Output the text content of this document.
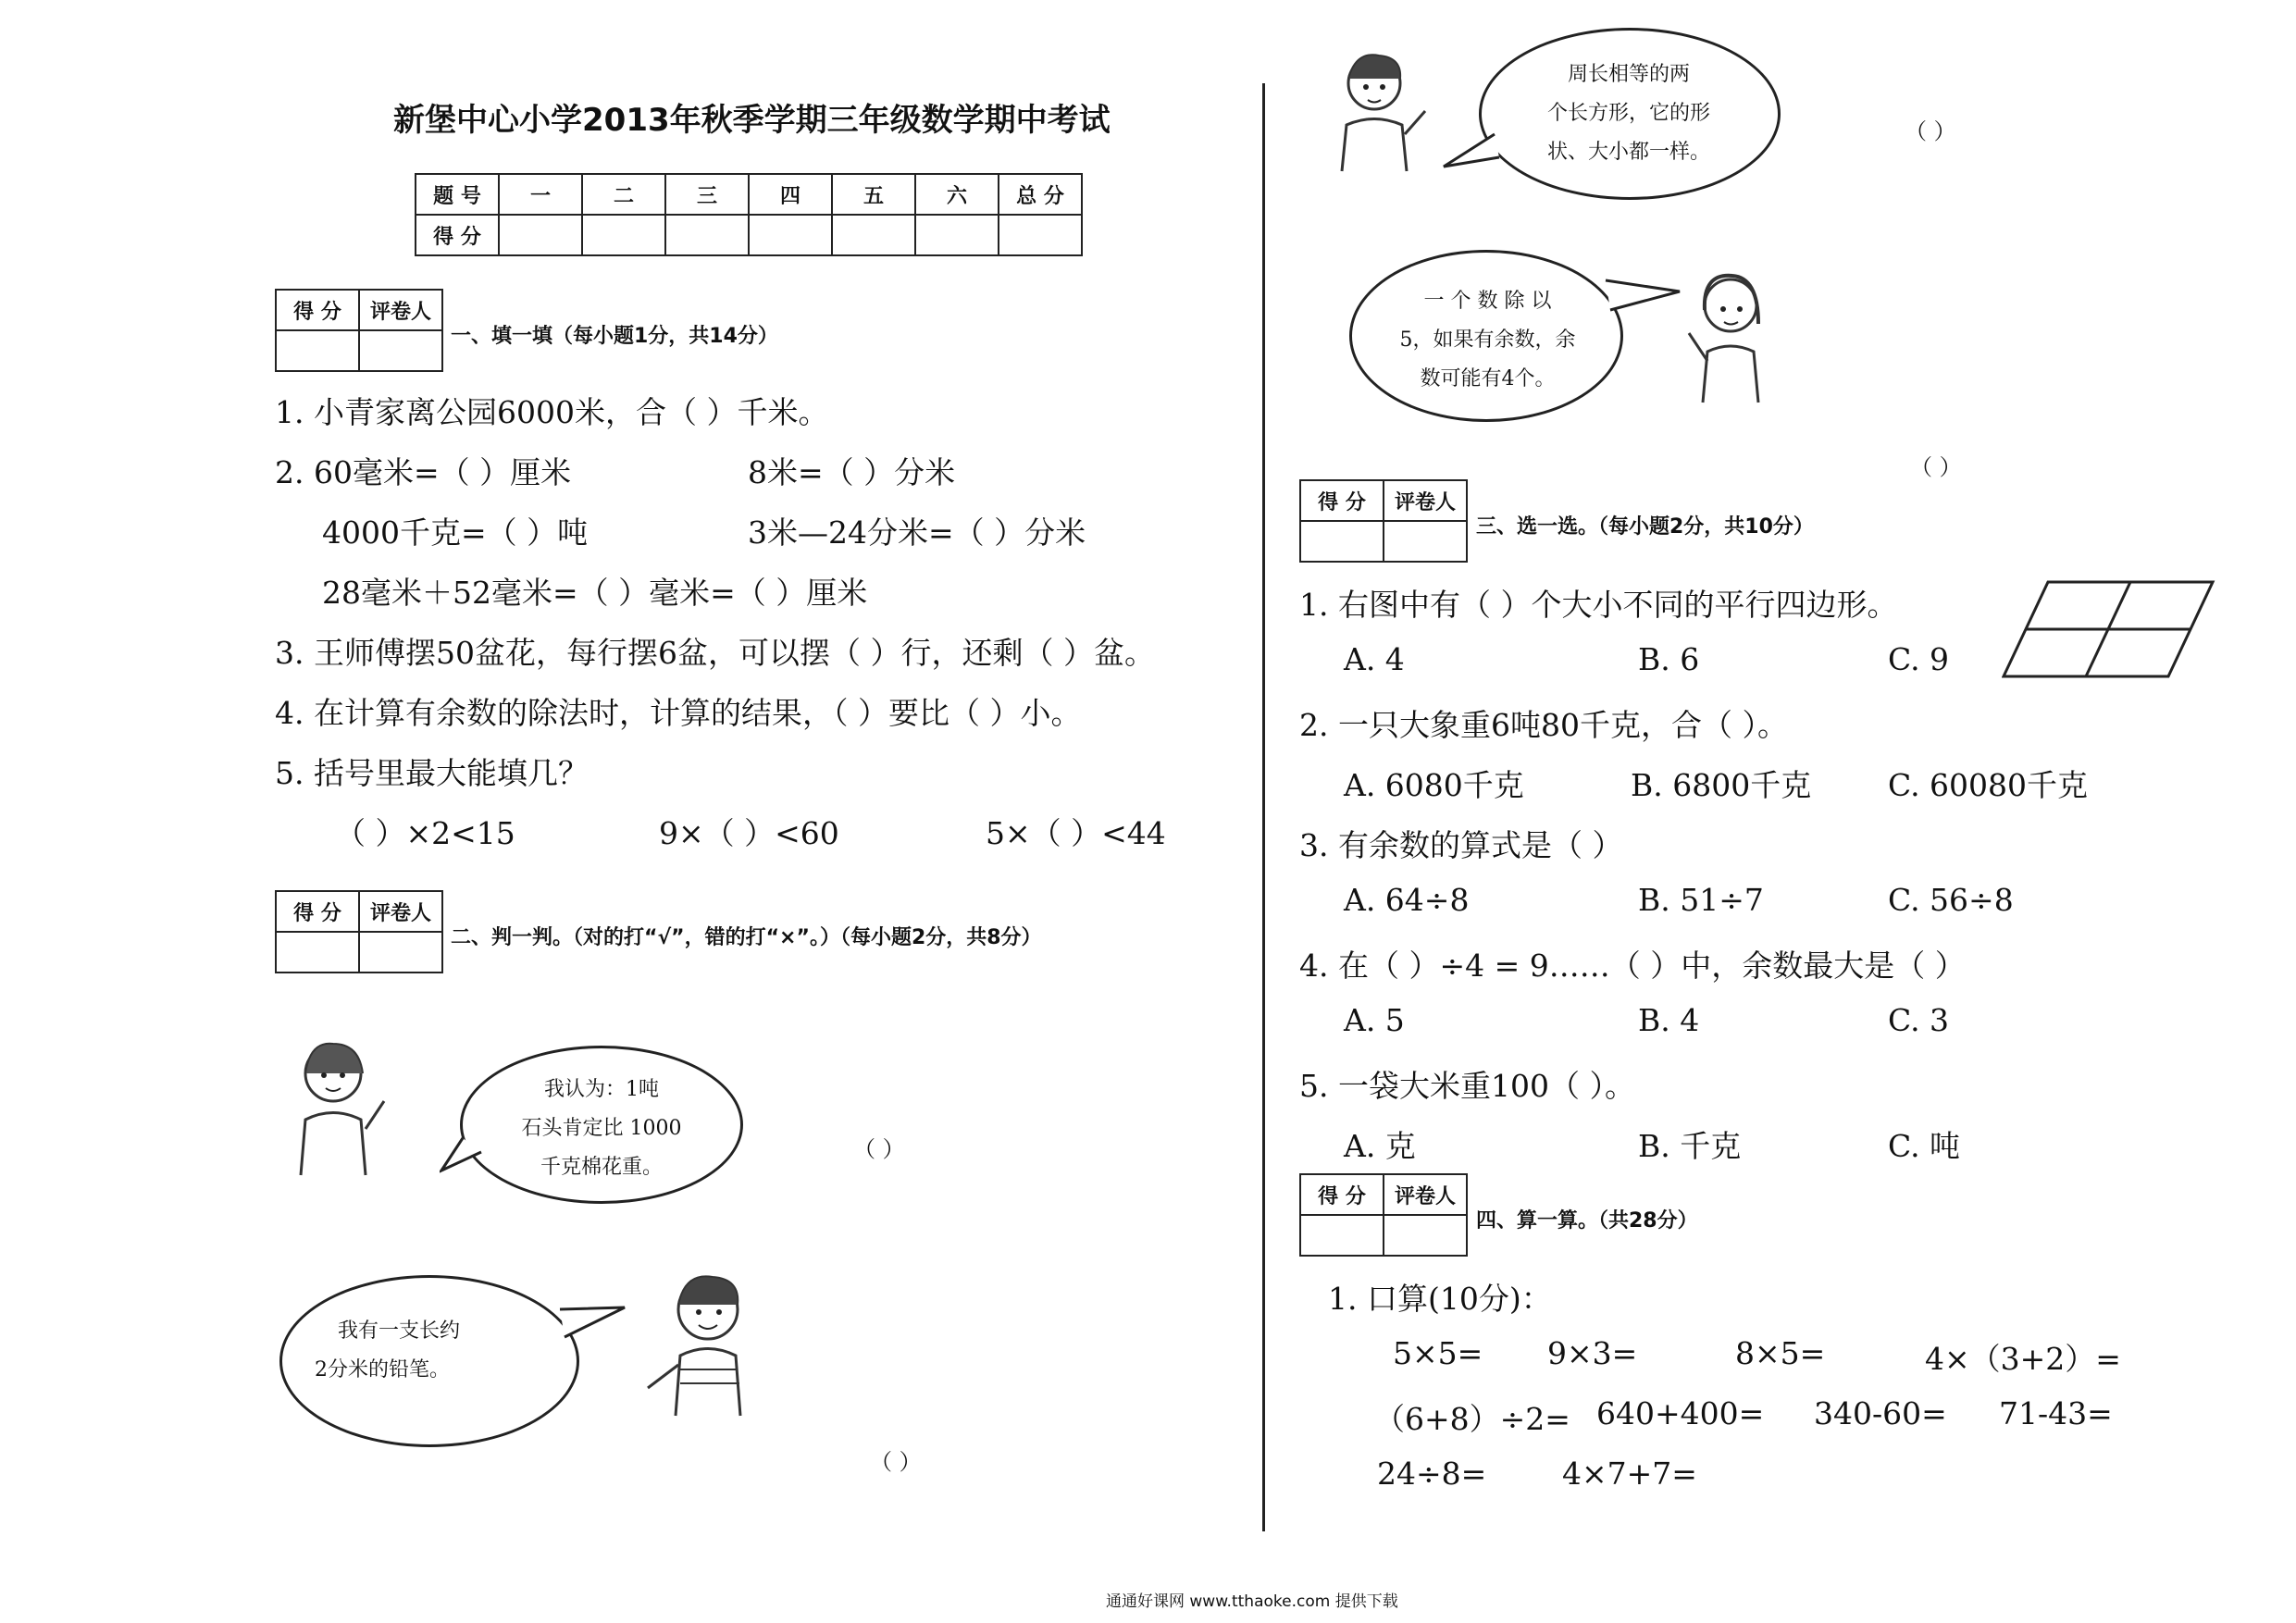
新堡中心小学2013年秋季学期三年级数学期中考试
题 号	一	二	三	四	五	六	总 分
得 分							
得 分	评卷人

一、填一填（每小题1分，共14分）
1. 小青家离公园6000米，合（ ）千米。
2. 60毫米=（ ）厘米	8米=（ ）分米
4000千克=（ ）吨	3米—24分米=（ ）分米
28毫米＋52毫米=（ ）毫米=（ ）厘米
3. 王师傅摆50盆花，每行摆6盆，可以摆（ ）行，还剩（ ）盆。
4. 在计算有余数的除法时，计算的结果，（ ）要比（ ）小。
5. 括号里最大能填几？
（ ）×2<15	9×（ ）<60	5×（ ）<44
得 分	评卷人

二、判一判。（对的打“√”，错的打“×”。）（每小题2分，共8分）
我认为：1吨
石头肯定比 1000
千克棉花重。
（ ）
我有一支长约
2分米的铅笔。
（ ）
周长相等的两
个长方形，它的形
状、大小都一样。
（ ）
一 个 数 除 以
5，如果有余数，余
数可能有4个。
（ ）
得 分	评卷人

三、选一选。（每小题2分，共10分）
1. 右图中有（ ）个大小不同的平行四边形。
A. 4	B. 6	C. 9
2. 一只大象重6吨80千克，合（ ）。
A. 6080千克	B. 6800千克	C. 60080千克
3. 有余数的算式是（ ）
A. 64÷8	B. 51÷7	C. 56÷8
4. 在（ ）÷4 = 9……（ ）中，余数最大是（ ）
A. 5	B. 4	C. 3
5. 一袋大米重100（ ）。
A. 克	B. 千克	C. 吨
得 分	评卷人

四、算一算。（共28分）
1. 口算(10分)：
5×5= 9×3=	8×5=	4×（3+2）=
（6+8）÷2= 640+400= 340-60= 71-43=
24÷8= 4×7+7=
通通好课网 www.tthaoke.com 提供下载
